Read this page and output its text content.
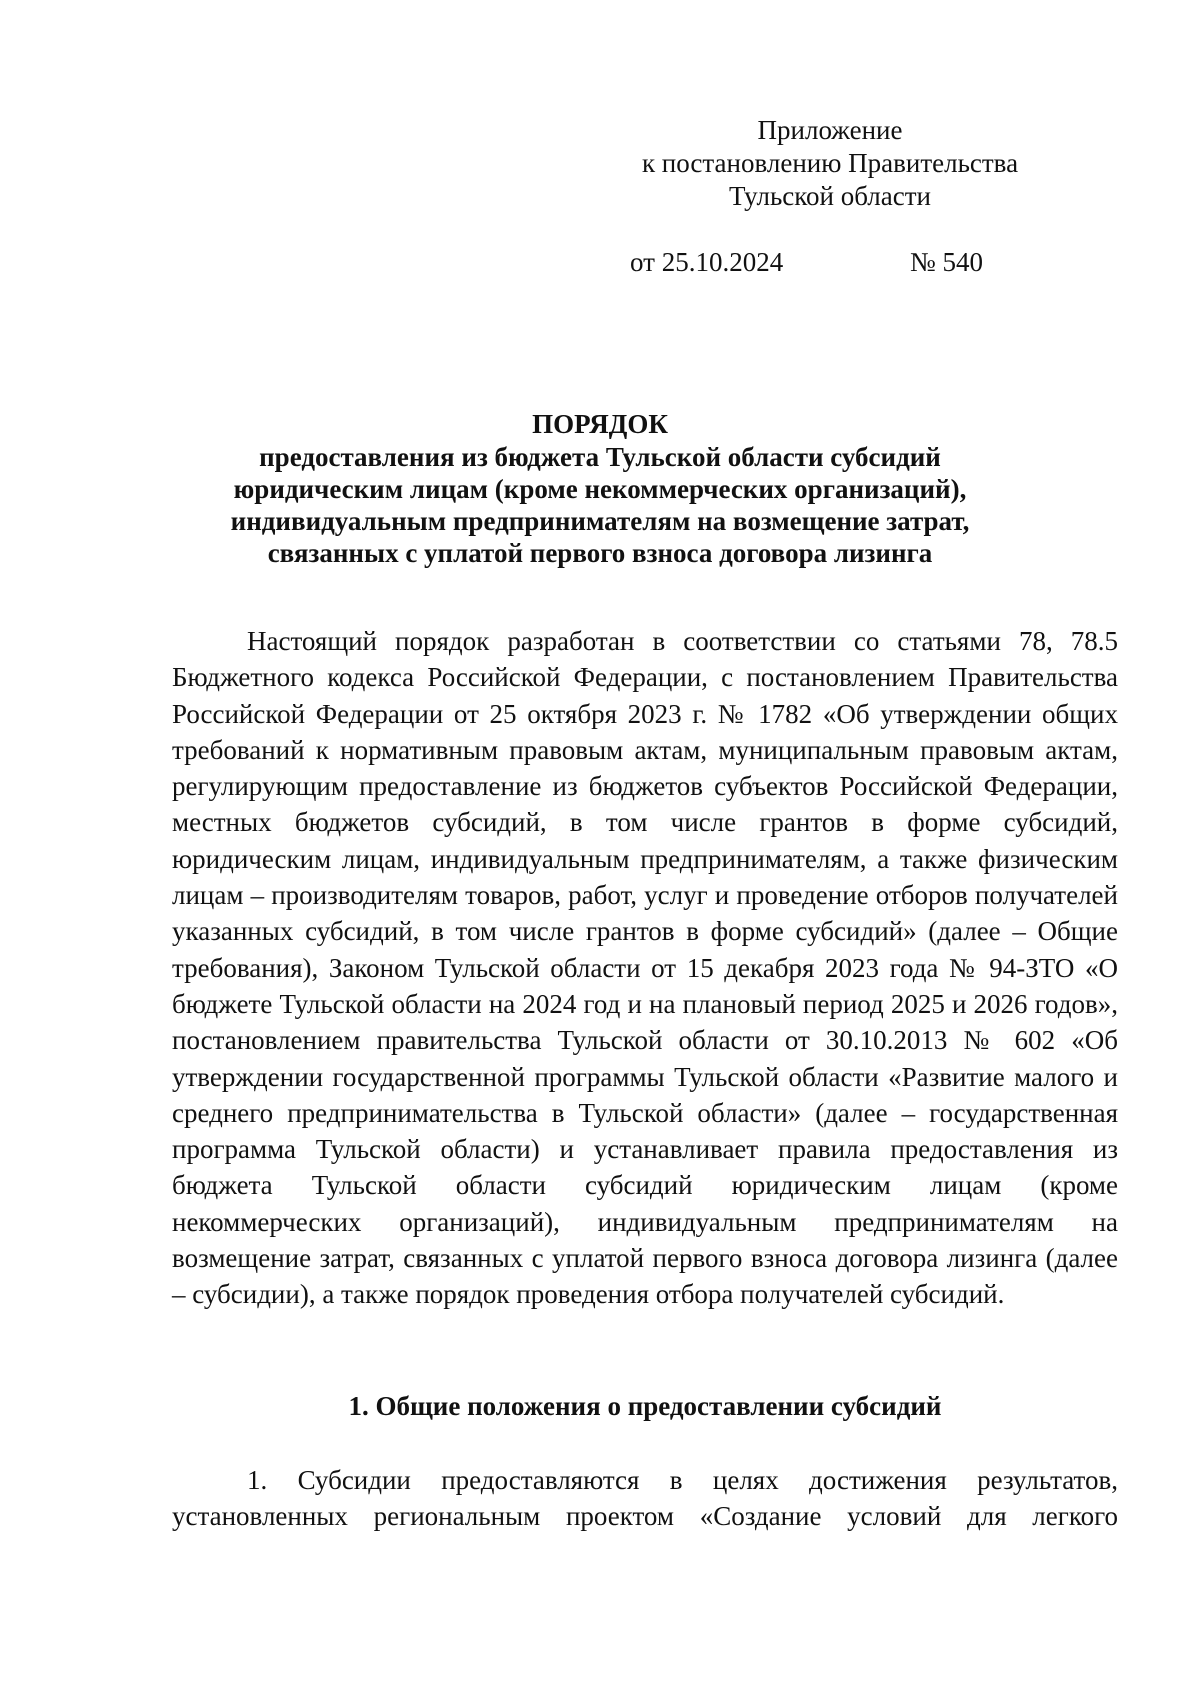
Приложение
к постановлению Правительства
Тульской области
от 25.10.2024	№ 540
ПОРЯДОК
предоставления из бюджета Тульской области субсидий
юридическим лицам (кроме некоммерческих организаций),
индивидуальным предпринимателям на возмещение затрат,
связанных с уплатой первого взноса договора лизинга

Настоящий порядок разработан в соответствии со статьями 78, 78.5 Бюджетного кодекса Российской Федерации, с постановлением Правительства Российской Федерации от 25 октября 2023 г. № 1782 «Об утверждении общих требований к нормативным правовым актам, муниципальным правовым актам, регулирующим предоставление из бюджетов субъектов Российской Федерации, местных бюджетов субсидий, в том числе грантов в форме субсидий, юридическим лицам, индивидуальным предпринимателям, а также физическим лицам – производителям товаров, работ, услуг и проведение отборов получателей указанных субсидий, в том числе грантов в форме субсидий» (далее – Общие требования), Законом Тульской области от 15 декабря 2023 года № 94-ЗТО «О бюджете Тульской области на 2024 год и на плановый период 2025 и 2026 годов», постановлением правительства Тульской области от 30.10.2013 № 602 «Об утверждении государственной программы Тульской области «Развитие малого и среднего предпринимательства в Тульской области» (далее – государственная программа Тульской области) и устанавливает правила предоставления из бюджета Тульской области субсидий юридическим лицам (кроме некоммерческих организаций), индивидуальным предпринимателям на возмещение затрат, связанных с уплатой первого взноса договора лизинга (далее – субсидии), а также порядок проведения отбора получателей субсидий.

1. Общие положения о предоставлении субсидий
1. Субсидии предоставляются в целях достижения результатов,
установленных региональным проектом «Создание условий для легкого
